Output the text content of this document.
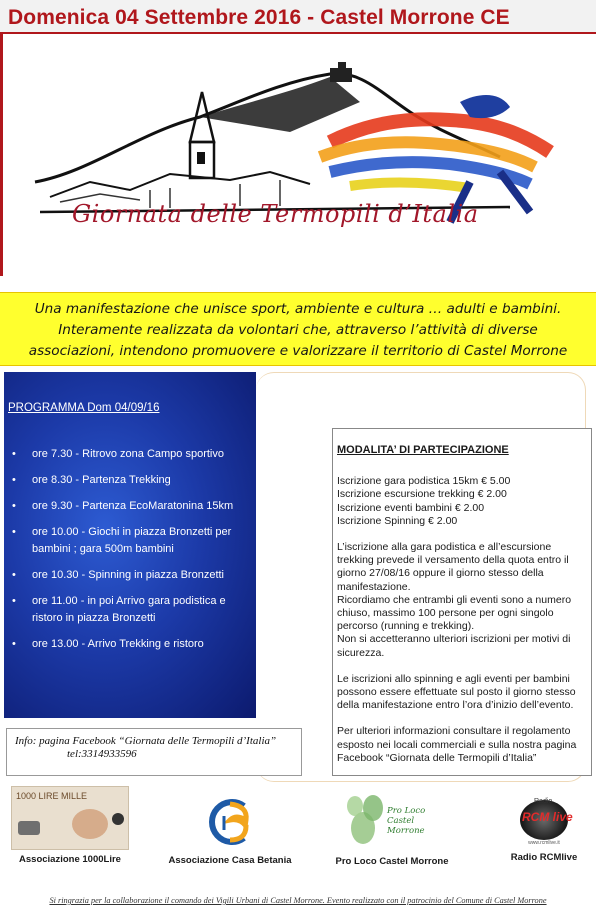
Domenica 04 Settembre 2016 - Castel Morrone CE
Giornata delle Termopili d’Italia

Una manifestazione che unisce sport, ambiente e cultura … adulti e bambini.

Interamente realizzata da volontari che, attraverso l’attività di diverse

associazioni, intendono promuovere e valorizzare il territorio di Castel Morrone

PROGRAMMA Dom 04/09/16
•	ore 7.30 - Ritrovo zona Campo sportivo
•	ore 8.30 - Partenza Trekking
•	ore 9.30 - Partenza EcoMaratonina 15km
•	ore 10.00 - Giochi in piazza Bronzetti per bambini ; gara 500m bambini
•	ore 10.30 - Spinning in piazza Bronzetti
•	ore 11.00 - in poi Arrivo gara podistica e ristoro in piazza Bronzetti
•	ore 13.00 - Arrivo Trekking e ristoro
Info: pagina Facebook “Giornata delle Termopili d’Italia”
tel:3314933596
MODALITA’ DI PARTECIPAZIONE
Iscrizione gara podistica 15km € 5.00
Iscrizione escursione trekking € 2.00
Iscrizione eventi bambini € 2.00
Iscrizione Spinning € 2.00
L’iscrizione alla gara podistica e all’escursione trekking prevede il versamento della quota entro il giorno 27/08/16 oppure il giorno stesso della manifestazione.
Ricordiamo che entrambi gli eventi sono a numero chiuso, massimo 100 persone per ogni singolo percorso (running e trekking).
Non si accetteranno ulteriori iscrizioni per motivi di sicurezza.
Le iscrizioni allo spinning e agli eventi per bambini possono essere effettuate sul posto il giorno stesso della manifestazione entro l’ora d’inizio dell’evento.
Per ulteriori informazioni consultare il regolamento esposto nei locali commerciali e sulla nostra pagina Facebook “Giornata delle Termopili d’Italia”
1000 LIRE MILLE
Associazione 1000Lire	Associazione Casa Betania
Pro Loco Castel Morrone
Pro Loco Castel Morrone
Radio
RCM live
www.rcmlive.it
Radio RCMlive
Si ringrazia per la collaborazione il comando dei Vigili Urbani di Castel Morrone. Evento realizzato con il patrocinio del Comune di Castel Morrone
